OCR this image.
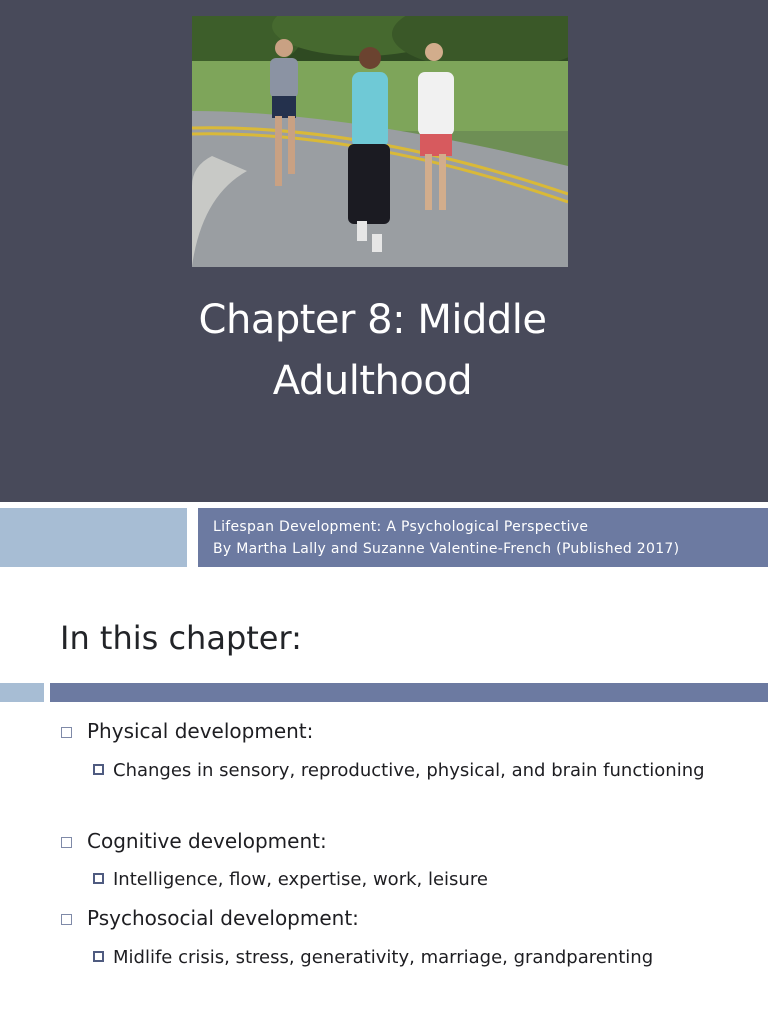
Chapter 8: Middle
Adulthood
Lifespan Development: A Psychological Perspective
By Martha Lally and Suzanne Valentine-French (Published 2017)
In this chapter:
Physical development:
Changes in sensory, reproductive, physical, and brain functioning
Cognitive development:
Intelligence, flow, expertise, work, leisure
Psychosocial development:
Midlife crisis, stress, generativity, marriage, grandparenting
